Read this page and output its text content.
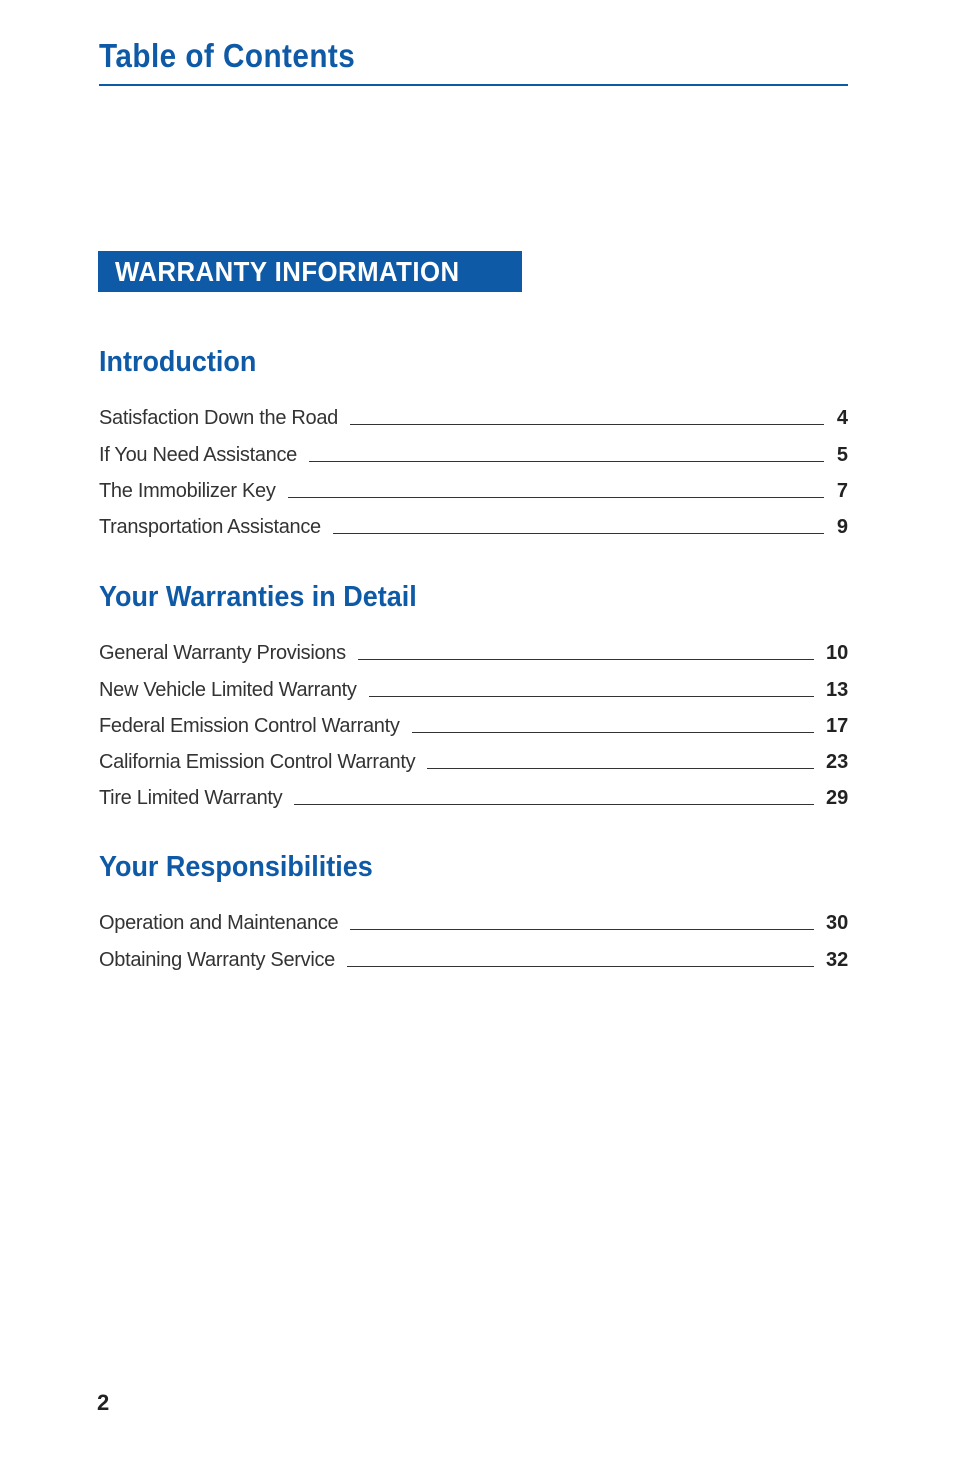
Table of Contents
WARRANTY INFORMATION
Introduction
Satisfaction Down the Road	4
If You Need Assistance	5
The Immobilizer Key	7
Transportation Assistance	9
Your Warranties in Detail
General Warranty Provisions	10
New Vehicle Limited Warranty	13
Federal Emission Control Warranty	17
California Emission Control Warranty	23
Tire Limited Warranty	29
Your Responsibilities
Operation and Maintenance	30
Obtaining Warranty Service	32
2
